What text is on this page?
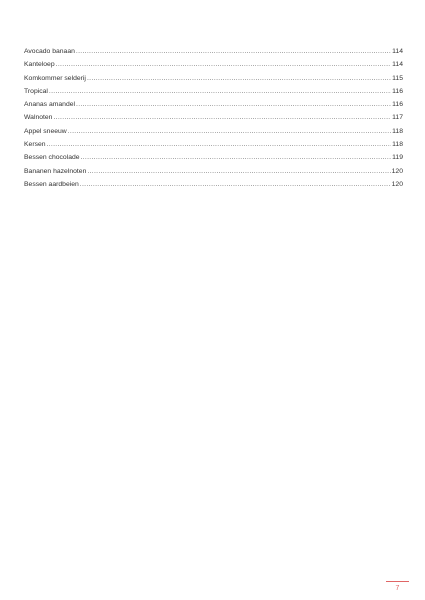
Avocado banaan .....	114
Kanteloep .....	114
Komkommer selderij .....	115
Tropical .....	116
Ananas amandel .....	116
Walnoten .....	117
Appel sneeuw .....	118
Kersen .....	118
Bessen chocolade .....	119
Bananen hazelnoten .....	120
Bessen aardbeien .....	120
7
